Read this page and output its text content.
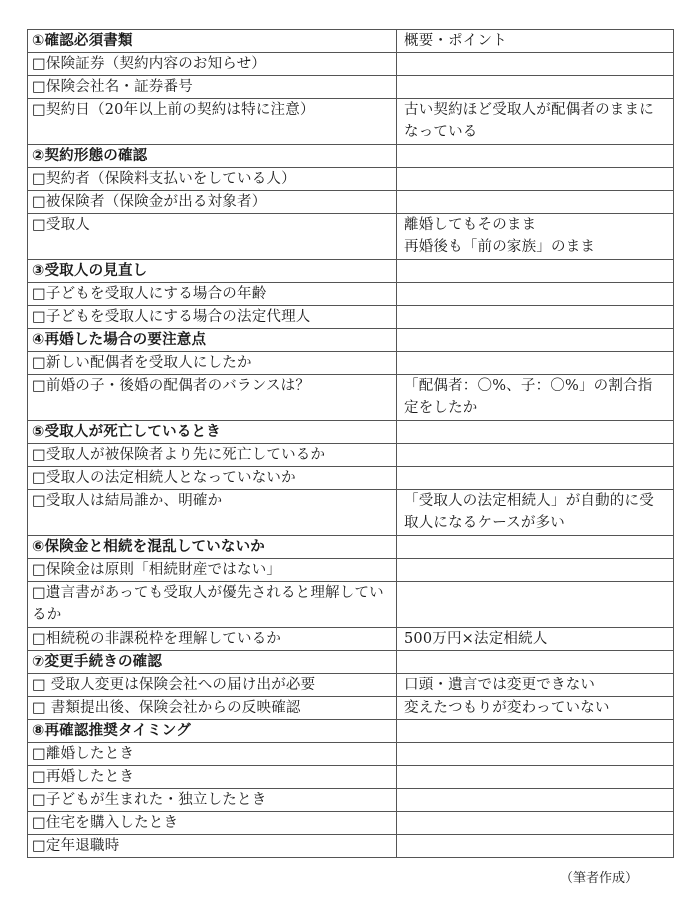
①確認必須書類	概要・ポイント
□保険証券（契約内容のお知らせ）	
□保険会社名・証券番号	
□契約日（20年以上前の契約は特に注意）	古い契約ほど受取人が配偶者のままになっている
②契約形態の確認	
□契約者（保険料支払いをしている人）	
□被保険者（保険金が出る対象者）	
□受取人	離婚してもそのまま
再婚後も「前の家族」のまま

③受取人の見直し	
□子どもを受取人にする場合の年齢	
□子どもを受取人にする場合の法定代理人	
④再婚した場合の要注意点	
□新しい配偶者を受取人にしたか	
□前婚の子・後婚の配偶者のバランスは？	「配偶者：〇%、子：〇%」の割合指定をしたか
⑤受取人が死亡しているとき	
□受取人が被保険者より先に死亡しているか	
□受取人の法定相続人となっていないか	
□受取人は結局誰か、明確か	「受取人の法定相続人」が自動的に受取人になるケースが多い
⑥保険金と相続を混乱していないか	
□保険金は原則「相続財産ではない」	
□遺言書があっても受取人が優先されると理解しているか	
□相続税の非課税枠を理解しているか	500万円×法定相続人
⑦変更手続きの確認	
□ 受取人変更は保険会社への届け出が必要	口頭・遺言では変更できない
□ 書類提出後、保険会社からの反映確認	変えたつもりが変わっていない
⑧再確認推奨タイミング	
□離婚したとき	
□再婚したとき	
□子どもが生まれた・独立したとき	
□住宅を購入したとき	
□定年退職時	
（筆者作成）
